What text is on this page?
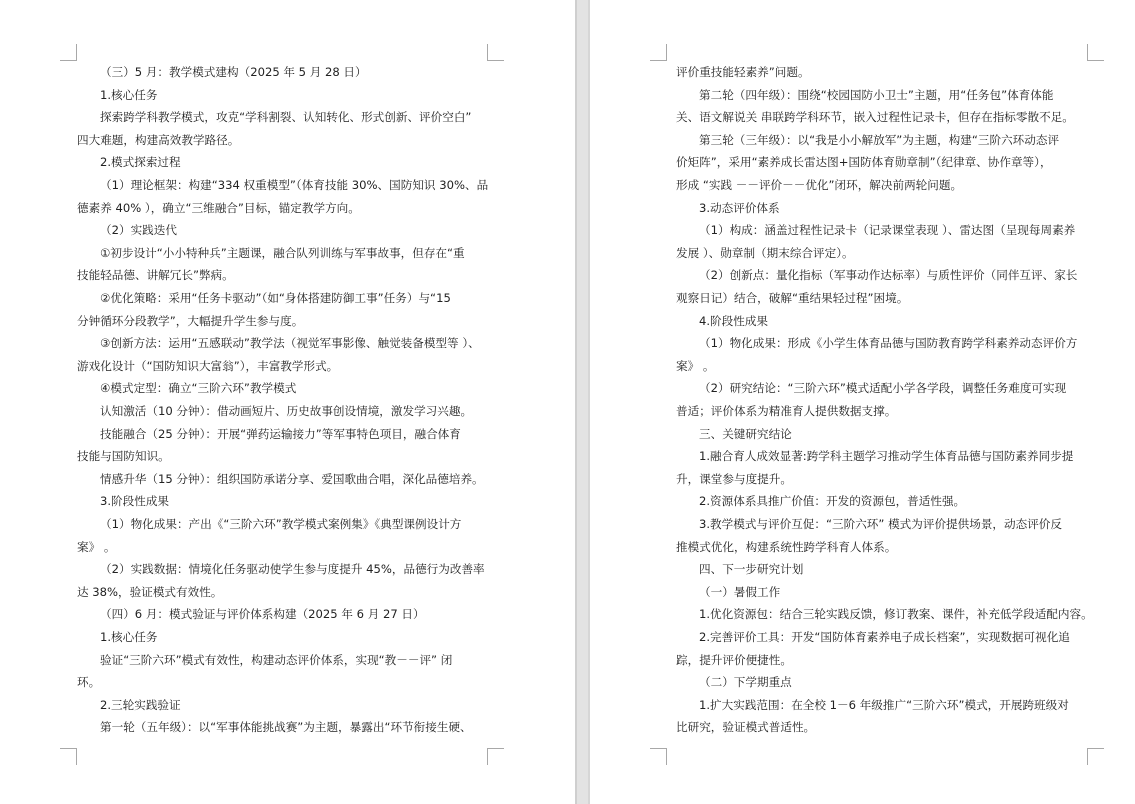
（三）5 月：教学模式建构（2025 年 5 月 28 日）
1.核心任务
探索跨学科教学模式，攻克“学科割裂、认知转化、形式创新、评价空白”
四大难题，构建高效教学路径。
2.模式探索过程
（1）理论框架：构建“334 权重模型”（体育技能 30%、国防知识 30%、品
德素养 40% ），确立“三维融合”目标，锚定教学方向。
（2）实践迭代
①初步设计“小小特种兵”主题课，融合队列训练与军事故事，但存在“重
技能轻品德、讲解冗长”弊病。
②优化策略：采用“任务卡驱动”（如“身体搭建防御工事”任务）与“15
分钟循环分段教学”，大幅提升学生参与度。
③创新方法：运用“五感联动”教学法（视觉军事影像、触觉装备模型等 ）、
游戏化设计（“国防知识大富翁”），丰富教学形式。
④模式定型：确立“三阶六环”教学模式
认知激活（10 分钟）：借动画短片、历史故事创设情境，激发学习兴趣。
技能融合（25 分钟）：开展“弹药运输接力”等军事特色项目，融合体育
技能与国防知识。
情感升华（15 分钟）：组织国防承诺分享、爱国歌曲合唱，深化品德培养。
3.阶段性成果
（1）物化成果：产出《“三阶六环”教学模式案例集》《典型课例设计方
案》 。
（2）实践数据：情境化任务驱动使学生参与度提升 45%，品德行为改善率
达 38%，验证模式有效性。
（四）6 月：模式验证与评价体系构建（2025 年 6 月 27 日）
1.核心任务
验证“三阶六环”模式有效性，构建动态评价体系，实现“教－－评” 闭
环。
2.三轮实践验证
第一轮（五年级）：以“军事体能挑战赛”为主题，暴露出“环节衔接生硬、
评价重技能轻素养”问题。
第二轮（四年级）：围绕“校园国防小卫士”主题，用“任务包”体育体能
关、语文解说关 串联跨学科环节，嵌入过程性记录卡，但存在指标零散不足。
第三轮（三年级）：以“我是小小解放军”为主题，构建“三阶六环动态评
价矩阵”，采用“素养成长雷达图+国防体育勋章制”（纪律章、协作章等），
形成 “实践 －－评价－－优化”闭环，解决前两轮问题。
3.动态评价体系
（1）构成：涵盖过程性记录卡（记录课堂表现 ）、雷达图（呈现每周素养
发展 ）、勋章制（期末综合评定）。
（2）创新点：量化指标（军事动作达标率）与质性评价（同伴互评、家长
观察日记）结合，破解“重结果轻过程”困境。
4.阶段性成果
（1）物化成果：形成《小学生体育品德与国防教育跨学科素养动态评价方
案》 。
（2）研究结论：“三阶六环”模式适配小学各学段，调整任务难度可实现
普适；评价体系为精准育人提供数据支撑。
三、关键研究结论
1.融合育人成效显著:跨学科主题学习推动学生体育品德与国防素养同步提
升，课堂参与度提升。
2.资源体系具推广价值：开发的资源包，普适性强。
3.教学模式与评价互促：“三阶六环” 模式为评价提供场景，动态评价反
推模式优化，构建系统性跨学科育人体系。
四、下一步研究计划
（一）暑假工作
1.优化资源包：结合三轮实践反馈，修订教案、课件，补充低学段适配内容。
2.完善评价工具：开发“国防体育素养电子成长档案”，实现数据可视化追
踪，提升评价便捷性。
（二）下学期重点
1.扩大实践范围：在全校 1－6 年级推广“三阶六环”模式，开展跨班级对
比研究，验证模式普适性。
